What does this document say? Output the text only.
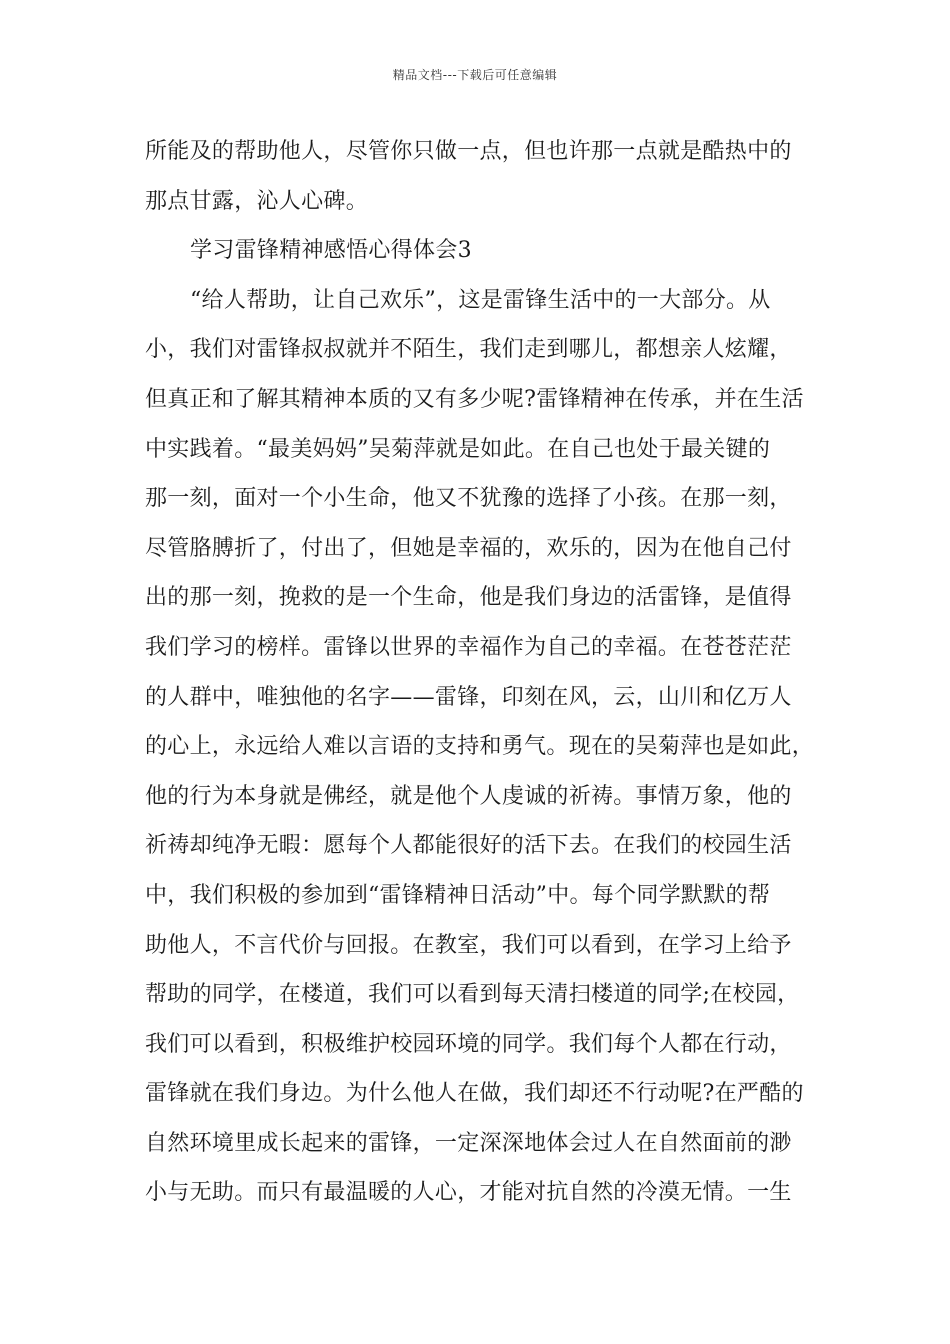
精品文档---下载后可任意编辑
所能及的帮助他人，尽管你只做一点，但也许那一点就是酷热中的
那点甘露，沁人心碑。
学习雷锋精神感悟心得体会3
“给人帮助，让自己欢乐”，这是雷锋生活中的一大部分。从
小，我们对雷锋叔叔就并不陌生，我们走到哪儿，都想亲人炫耀，
但真正和了解其精神本质的又有多少呢?雷锋精神在传承，并在生活
中实践着。“最美妈妈”吴菊萍就是如此。在自己也处于最关键的
那一刻，面对一个小生命，他又不犹豫的选择了小孩。在那一刻，
尽管胳膊折了，付出了，但她是幸福的，欢乐的，因为在他自己付
出的那一刻，挽救的是一个生命，他是我们身边的活雷锋，是值得
我们学习的榜样。雷锋以世界的幸福作为自己的幸福。在苍苍茫茫
的人群中，唯独他的名字——雷锋，印刻在风，云，山川和亿万人
的心上，永远给人难以言语的支持和勇气。现在的吴菊萍也是如此，
他的行为本身就是佛经，就是他个人虔诚的祈祷。事情万象，他的
祈祷却纯净无暇：愿每个人都能很好的活下去。在我们的校园生活
中，我们积极的参加到“雷锋精神日活动”中。每个同学默默的帮
助他人，不言代价与回报。在教室，我们可以看到，在学习上给予
帮助的同学，在楼道，我们可以看到每天清扫楼道的同学;在校园，
我们可以看到，积极维护校园环境的同学。我们每个人都在行动，
雷锋就在我们身边。为什么他人在做，我们却还不行动呢?在严酷的
自然环境里成长起来的雷锋，一定深深地体会过人在自然面前的渺
小与无助。而只有最温暖的人心，才能对抗自然的冷漠无情。一生
